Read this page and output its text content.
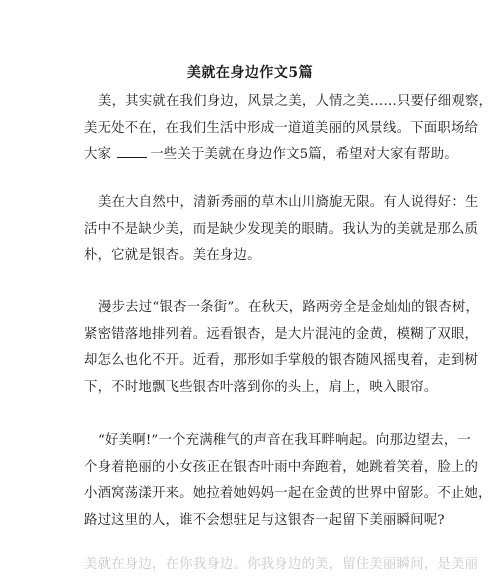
美就在身边作文5篇

美，其实就在我们身边，风景之美，人情之美……只要仔细观察，
美无处不在，在我们生活中形成一道道美丽的风景线。下面职场给
大家	一些关于美就在身边作文5篇，希望对大家有帮助。

美在大自然中，清新秀丽的草木山川旖旎无限。有人说得好：生
活中不是缺少美，而是缺少发现美的眼睛。我认为的美就是那么质
朴，它就是银杏。美在身边。

漫步去过“银杏一条街”。在秋天，路两旁全是金灿灿的银杏树，
紧密错落地排列着。远看银杏，是大片混沌的金黄，模糊了双眼，
却怎么也化不开。近看，那形如手掌般的银杏随风摇曳着，走到树
下，不时地飘飞些银杏叶落到你的头上，肩上，映入眼帘。

“好美啊!”一个充满稚气的声音在我耳畔响起。向那边望去，一
个身着艳丽的小女孩正在银杏叶雨中奔跑着，她跳着笑着，脸上的
小酒窝荡漾开来。她拉着她妈妈一起在金黄的世界中留影。不止她，
路过这里的人，谁不会想驻足与这银杏一起留下美丽瞬间呢?

美就在身边，在你我身边。你我身边的美，留住美丽瞬间，是美丽
